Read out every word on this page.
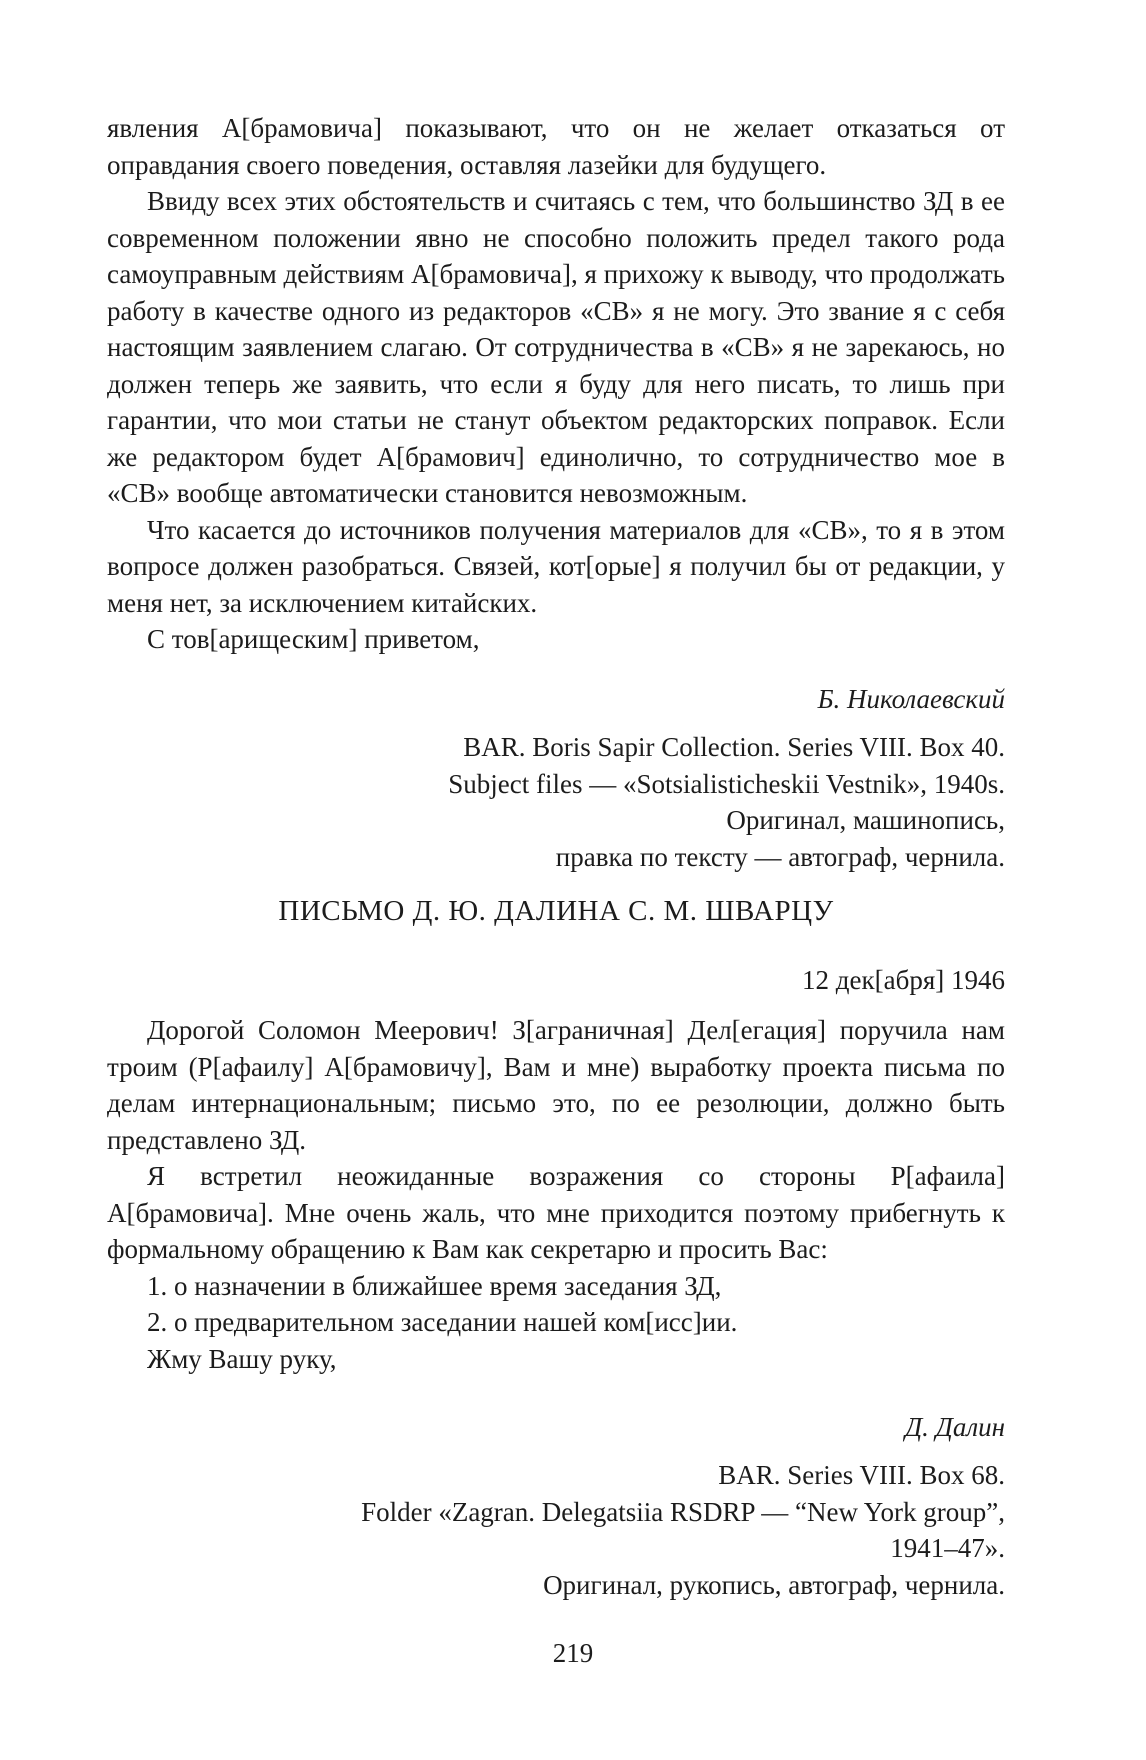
явления А[брамовича] показывают, что он не желает отказаться от оправдания своего поведения, оставляя лазейки для будущего.

Ввиду всех этих обстоятельств и считаясь с тем, что большинство ЗД в ее современном положении явно не способно положить предел такого рода самоуправным действиям А[брамовича], я прихожу к выводу, что продолжать работу в качестве одного из редакторов «СВ» я не могу. Это звание я с себя настоящим заявлением слагаю. От сотрудничества в «СВ» я не зарекаюсь, но должен теперь же заявить, что если я буду для него писать, то лишь при гарантии, что мои статьи не станут объектом редакторских поправок. Если же редактором будет А[брамович] единолично, то сотрудничество мое в «СВ» вообще автоматически становится невозможным.

Что касается до источников получения материалов для «СВ», то я в этом вопросе должен разобраться. Связей, кот[орые] я получил бы от редакции, у меня нет, за исключением китайских.

С тов[арищеским] приветом,

Б. Николаевский

BAR. Boris Sapir Collection. Series VIII. Box 40.

Subject files — «Sotsialisticheskii Vestnik», 1940s.

Оригинал, машинопись,

правка по тексту — автограф, чернила.

ПИСЬМО Д. Ю. ДАЛИНА С. М. ШВАРЦУ

12 дек[абря] 1946

Дорогой Соломон Меерович! З[аграничная] Дел[егация] поручила нам троим (Р[афаилу] А[брамовичу], Вам и мне) выработку проекта письма по делам интернациональным; письмо это, по ее резолюции, должно быть представлено ЗД.

Я встретил неожиданные возражения со стороны Р[афаила] А[брамовича]. Мне очень жаль, что мне приходится поэтому прибегнуть к формальному обращению к Вам как секретарю и просить Вас:

1. о назначении в ближайшее время заседания ЗД,

2. о предварительном заседании нашей ком[исс]ии.

Жму Вашу руку,

Д. Далин

BAR. Series VIII. Box 68.

Folder «Zagran. Delegatsiia RSDRP — “New York group”,

1941–47».

Оригинал, рукопись, автограф, чернила.

219
